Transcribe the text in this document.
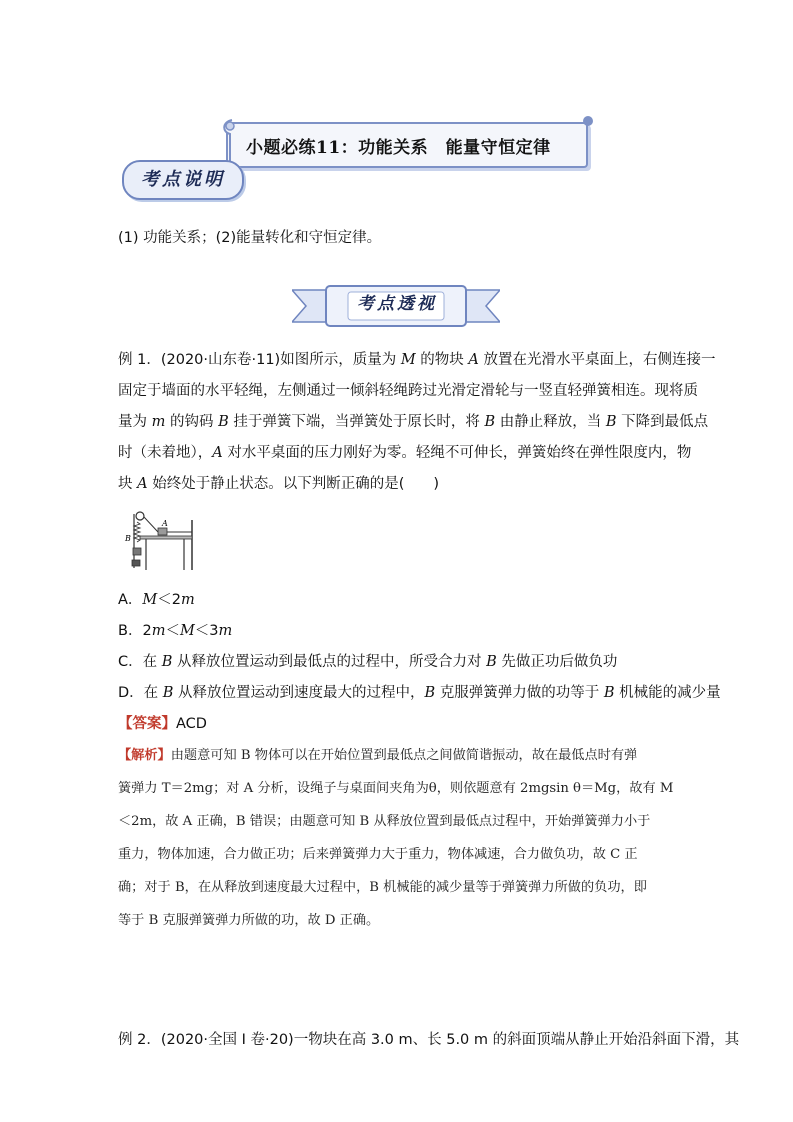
小题必练11：功能关系　能量守恒定律
考点说明
(1) 功能关系；(2)能量转化和守恒定律。
考点透视
例 1．(2020·山东卷·11)如图所示，质量为 M 的物块 A 放置在光滑水平桌面上，右侧连接一
固定于墙面的水平轻绳，左侧通过一倾斜轻绳跨过光滑定滑轮与一竖直轻弹簧相连。现将质
量为 m 的钩码 B 挂于弹簧下端，当弹簧处于原长时，将 B 由静止释放，当 B 下降到最低点
时（未着地），A 对水平桌面的压力刚好为零。轻绳不可伸长，弹簧始终在弹性限度内，物
块 A 始终处于静止状态。以下判断正确的是(　　)
B
A
A．M＜2m
B．2m＜M＜3m
C．在 B 从释放位置运动到最低点的过程中，所受合力对 B 先做正功后做负功
D．在 B 从释放位置运动到速度最大的过程中，B 克服弹簧弹力做的功等于 B 机械能的减少量
【答案】ACD
【解析】由题意可知 B 物体可以在开始位置到最低点之间做简谐振动，故在最低点时有弹
簧弹力 T＝2mg；对 A 分析，设绳子与桌面间夹角为θ，则依题意有 2mgsin θ＝Mg，故有 M
＜2m，故 A 正确，B 错误；由题意可知 B 从释放位置到最低点过程中，开始弹簧弹力小于
重力，物体加速，合力做正功；后来弹簧弹力大于重力，物体减速，合力做负功，故 C 正
确；对于 B，在从释放到速度最大过程中，B 机械能的减少量等于弹簧弹力所做的负功，即
等于 B 克服弹簧弹力所做的功，故 D 正确。
例 2．(2020·全国 I 卷·20)一物块在高 3.0 m、长 5.0 m 的斜面顶端从静止开始沿斜面下滑，其
